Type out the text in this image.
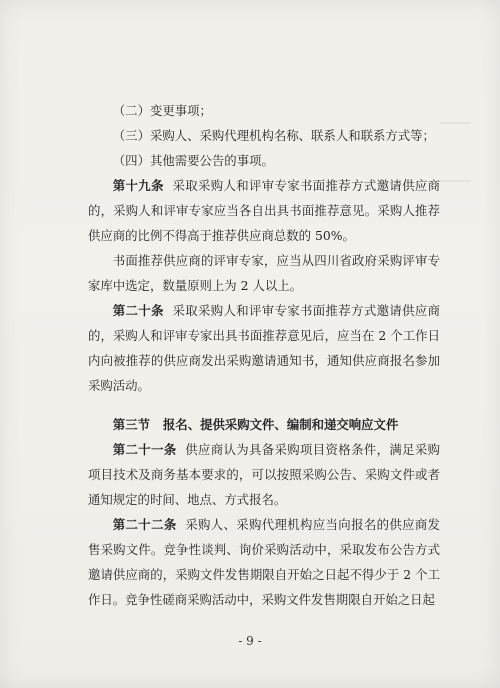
（二）变更事项；

（三）采购人、采购代理机构名称、联系人和联系方式等；

（四）其他需要公告的事项。

第十九条 采取采购人和评审专家书面推荐方式邀请供应商的，采购人和评审专家应当各自出具书面推荐意见。采购人推荐供应商的比例不得高于推荐供应商总数的 50%。

书面推荐供应商的评审专家，应当从四川省政府采购评审专家库中选定，数量原则上为 2 人以上。

第二十条 采取采购人和评审专家书面推荐方式邀请供应商的，采购人和评审专家出具书面推荐意见后，应当在 2 个工作日内向被推荐的供应商发出采购邀请通知书，通知供应商报名参加采购活动。

第三节 报名、提供采购文件、编制和递交响应文件

第二十一条 供应商认为具备采购项目资格条件，满足采购项目技术及商务基本要求的，可以按照采购公告、采购文件或者通知规定的时间、地点、方式报名。

第二十二条 采购人、采购代理机构应当向报名的供应商发售采购文件。竞争性谈判、询价采购活动中，采取发布公告方式邀请供应商的，采购文件发售期限自开始之日起不得少于 2 个工作日。竞争性磋商采购活动中，采购文件发售期限自开始之日起

- 9 -
